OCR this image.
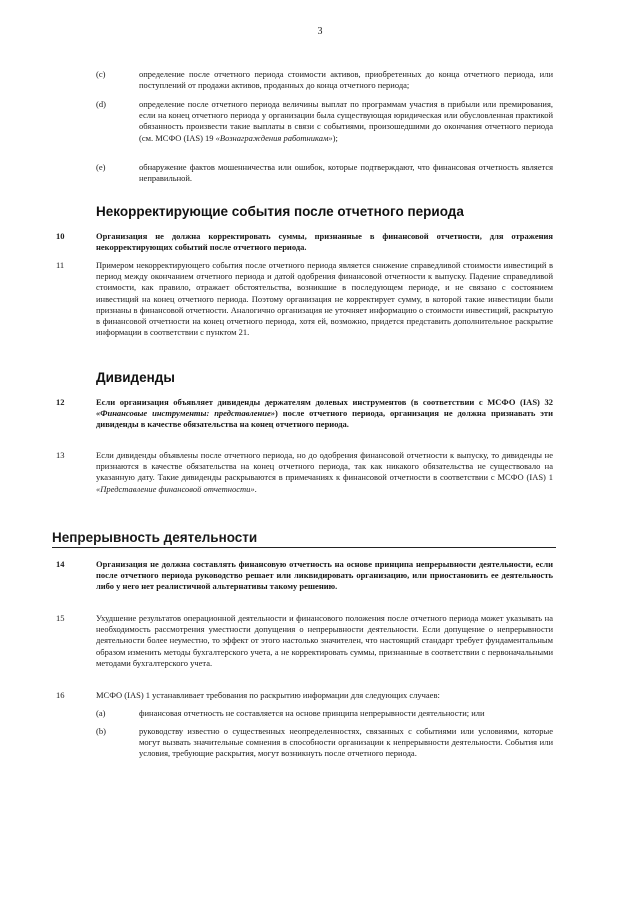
3
(c)	определение после отчетного периода стоимости активов, приобретенных до конца отчетного периода, или поступлений от продажи активов, проданных до конца отчетного периода;
(d)	определение после отчетного периода величины выплат по программам участия в прибыли или премирования, если на конец отчетного периода у организации была существующая юридическая или обусловленная практикой обязанность произвести такие выплаты в связи с событиями, произошедшими до окончания отчетного периода (см. МСФО (IAS) 19 «Вознаграждения работникам»);
(e)	обнаружение фактов мошенничества или ошибок, которые подтверждают, что финансовая отчетность является неправильной.
Некорректирующие события после отчетного периода
10	Организация не должна корректировать суммы, признанные в финансовой отчетности, для отражения некорректирующих событий после отчетного периода.
11	Примером некорректирующего события после отчетного периода является снижение справедливой стоимости инвестиций в период между окончанием отчетного периода и датой одобрения финансовой отчетности к выпуску. Падение справедливой стоимости, как правило, отражает обстоятельства, возникшие в последующем периоде, и не связано с состоянием инвестиций на конец отчетного периода. Поэтому организация не корректирует сумму, в которой такие инвестиции были признаны в финансовой отчетности. Аналогично организация не уточняет информацию о стоимости инвестиций, раскрытую в финансовой отчетности на конец отчетного периода, хотя ей, возможно, придется представить дополнительное раскрытие информации в соответствии с пунктом 21.
Дивиденды
12	Если организация объявляет дивиденды держателям долевых инструментов (в соответствии с МСФО (IAS) 32 «Финансовые инструменты: представление») после отчетного периода, организация не должна признавать эти дивиденды в качестве обязательства на конец отчетного периода.
13	Если дивиденды объявлены после отчетного периода, но до одобрения финансовой отчетности к выпуску, то дивиденды не признаются в качестве обязательства на конец отчетного периода, так как никакого обязательства не существовало на указанную дату. Такие дивиденды раскрываются в примечаниях к финансовой отчетности в соответствии с МСФО (IAS) 1 «Представление финансовой отчетности».
Непрерывность деятельности
14	Организация не должна составлять финансовую отчетность на основе принципа непрерывности деятельности, если после отчетного периода руководство решает или ликвидировать организацию, или приостановить ее деятельность либо у него нет реалистичной альтернативы такому решению.
15	Ухудшение результатов операционной деятельности и финансового положения после отчетного периода может указывать на необходимость рассмотрения уместности допущения о непрерывности деятельности. Если допущение о непрерывности деятельности более неуместно, то эффект от этого настолько значителен, что настоящий стандарт требует фундаментальным образом изменить методы бухгалтерского учета, а не корректировать суммы, признанные в соответствии с первоначальными методами бухгалтерского учета.
16	МСФО (IAS) 1 устанавливает требования по раскрытию информации для следующих случаев:
(a)	финансовая отчетность не составляется на основе принципа непрерывности деятельности; или
(b)	руководству известно о существенных неопределенностях, связанных с событиями или условиями, которые могут вызвать значительные сомнения в способности организации к непрерывности деятельности. События или условия, требующие раскрытия, могут возникнуть после отчетного периода.
